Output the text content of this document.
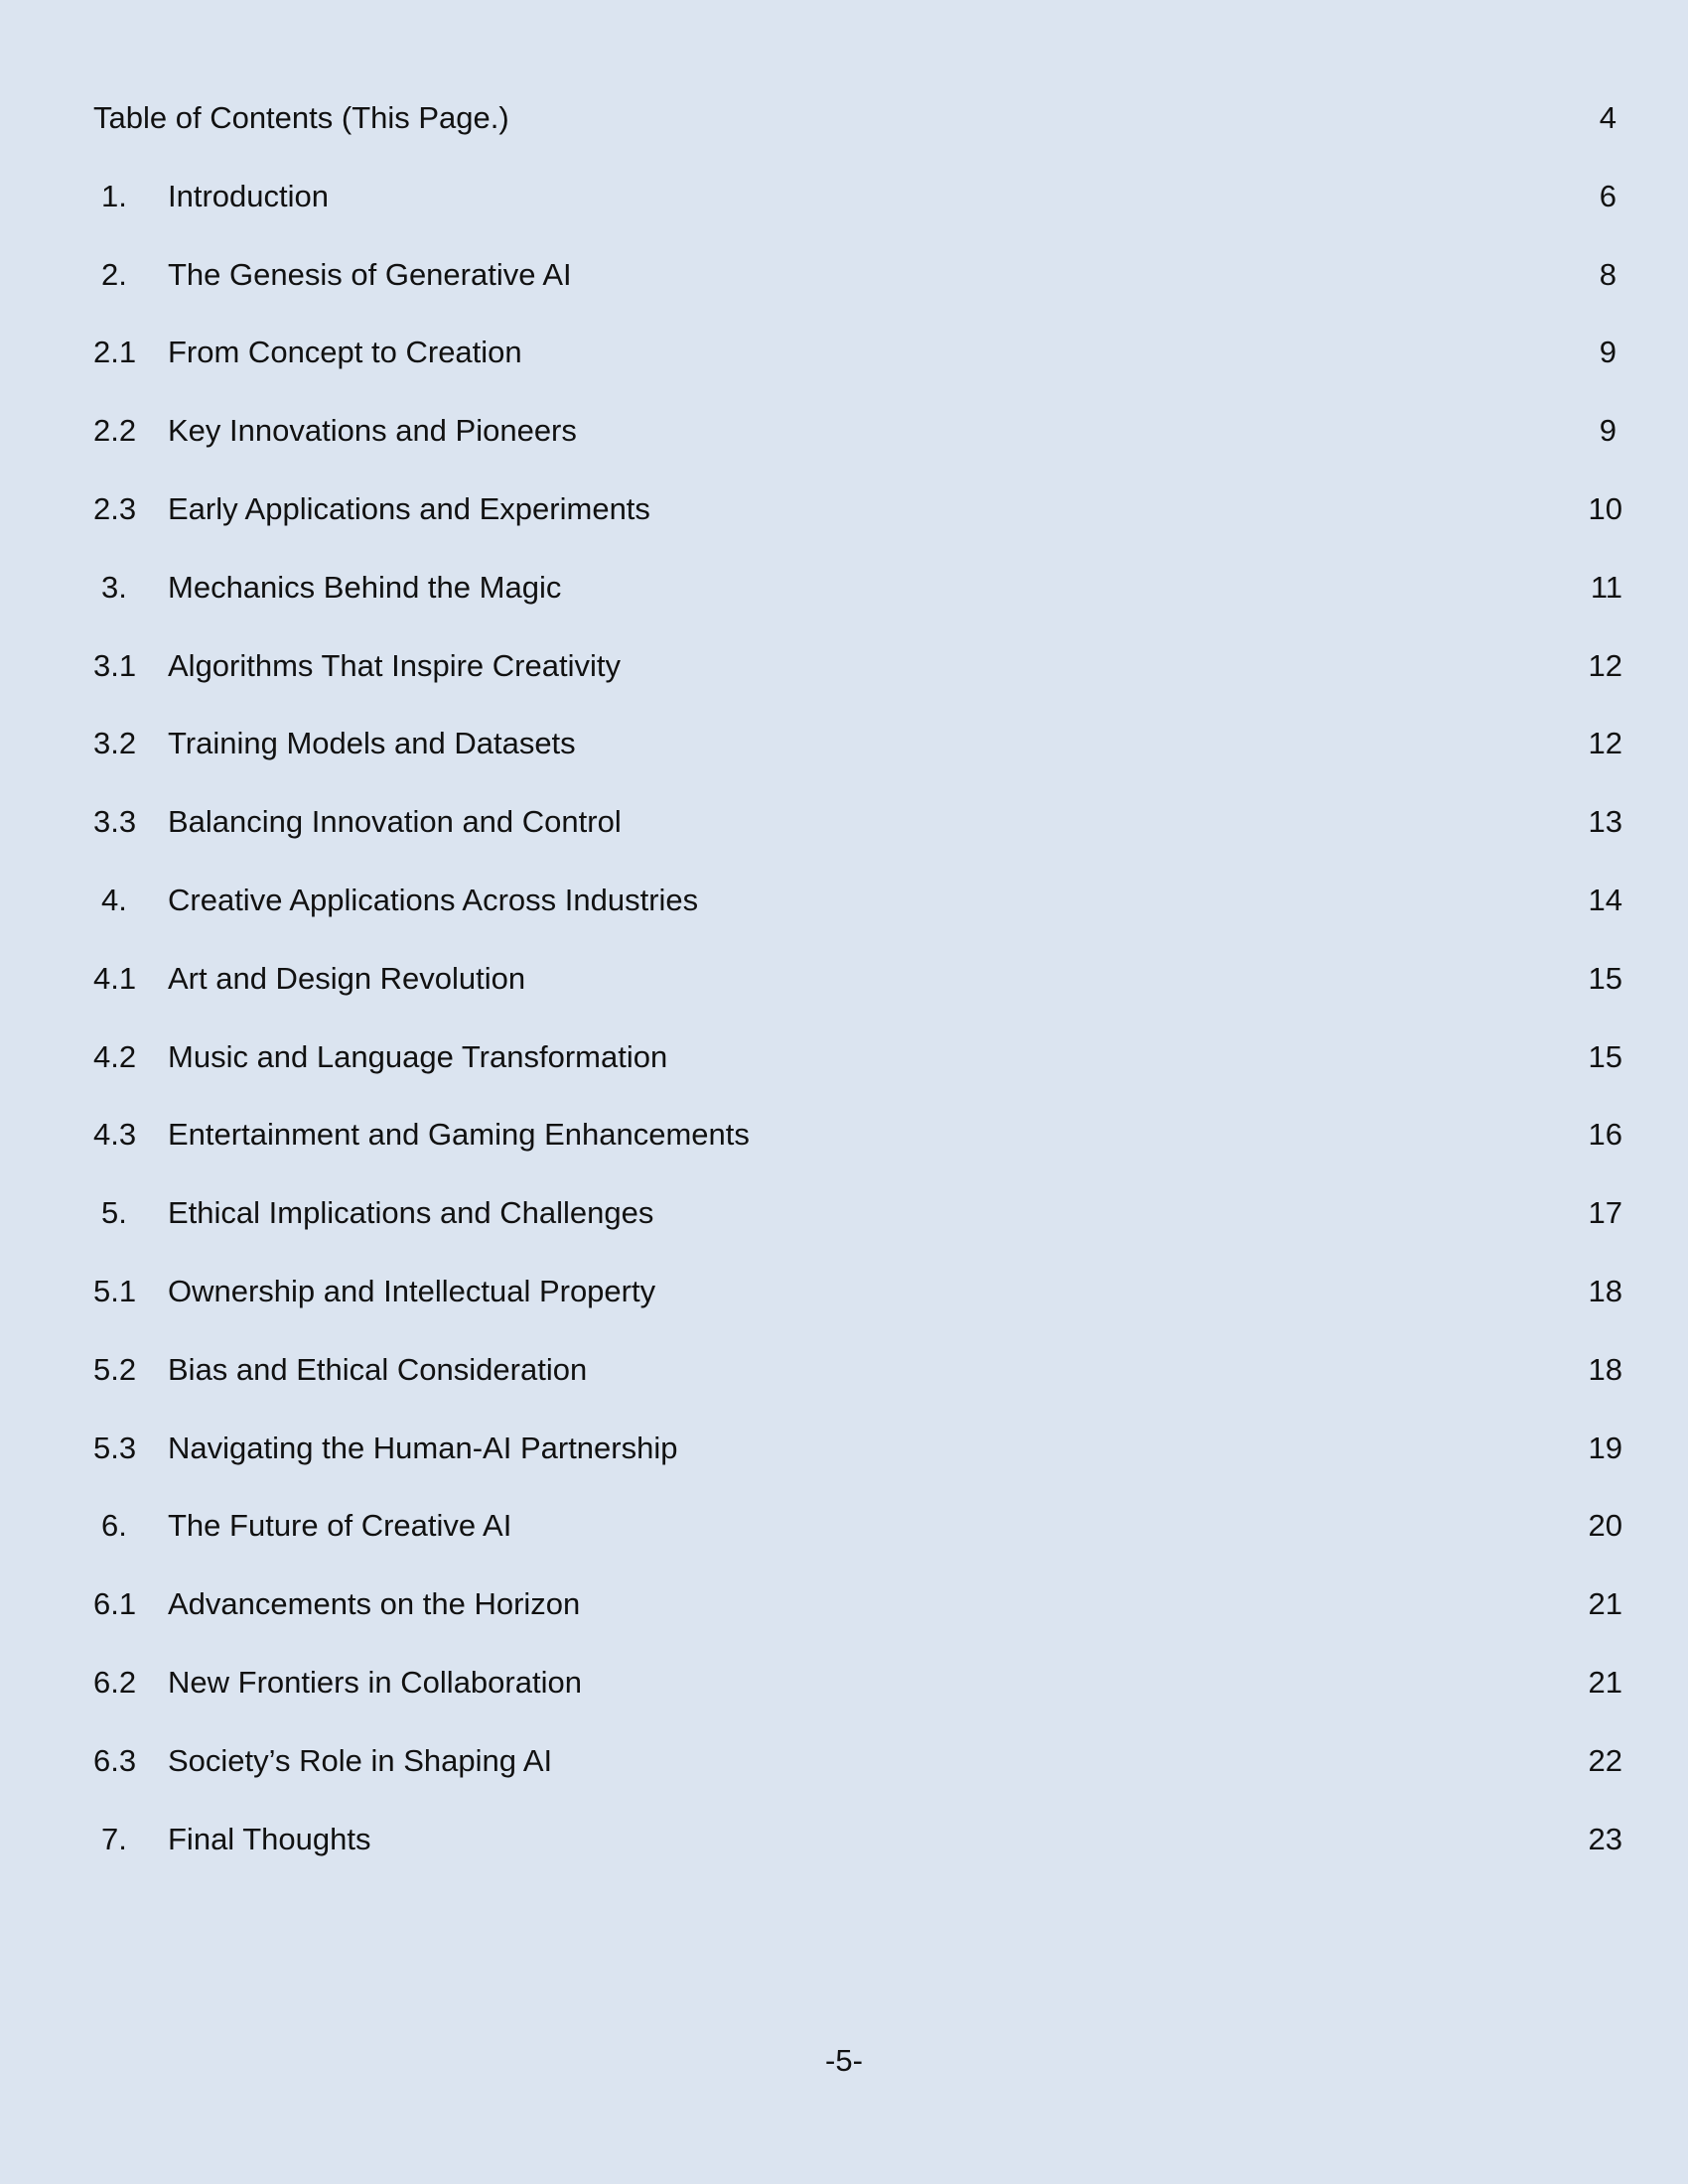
Table of Contents (This Page.)	4
1.	Introduction	6
2.	The Genesis of Generative AI	8
2.1	From Concept to Creation	9
2.2	Key Innovations and Pioneers	9
2.3	Early Applications and Experiments	10
3.	Mechanics Behind the Magic	11
3.1	Algorithms That Inspire Creativity	12
3.2	Training Models and Datasets	12
3.3	Balancing Innovation and Control	13
4.	Creative Applications Across Industries	14
4.1	Art and Design Revolution	15
4.2	Music and Language Transformation	15
4.3	Entertainment and Gaming Enhancements	16
5.	Ethical Implications and Challenges	17
5.1	Ownership and Intellectual Property	18
5.2	Bias and Ethical Consideration	18
5.3	Navigating the Human-AI Partnership	19
6.	The Future of Creative AI	20
6.1	Advancements on the Horizon	21
6.2	New Frontiers in Collaboration	21
6.3	Society’s Role in Shaping AI	22
7.	Final Thoughts	23
-5-
